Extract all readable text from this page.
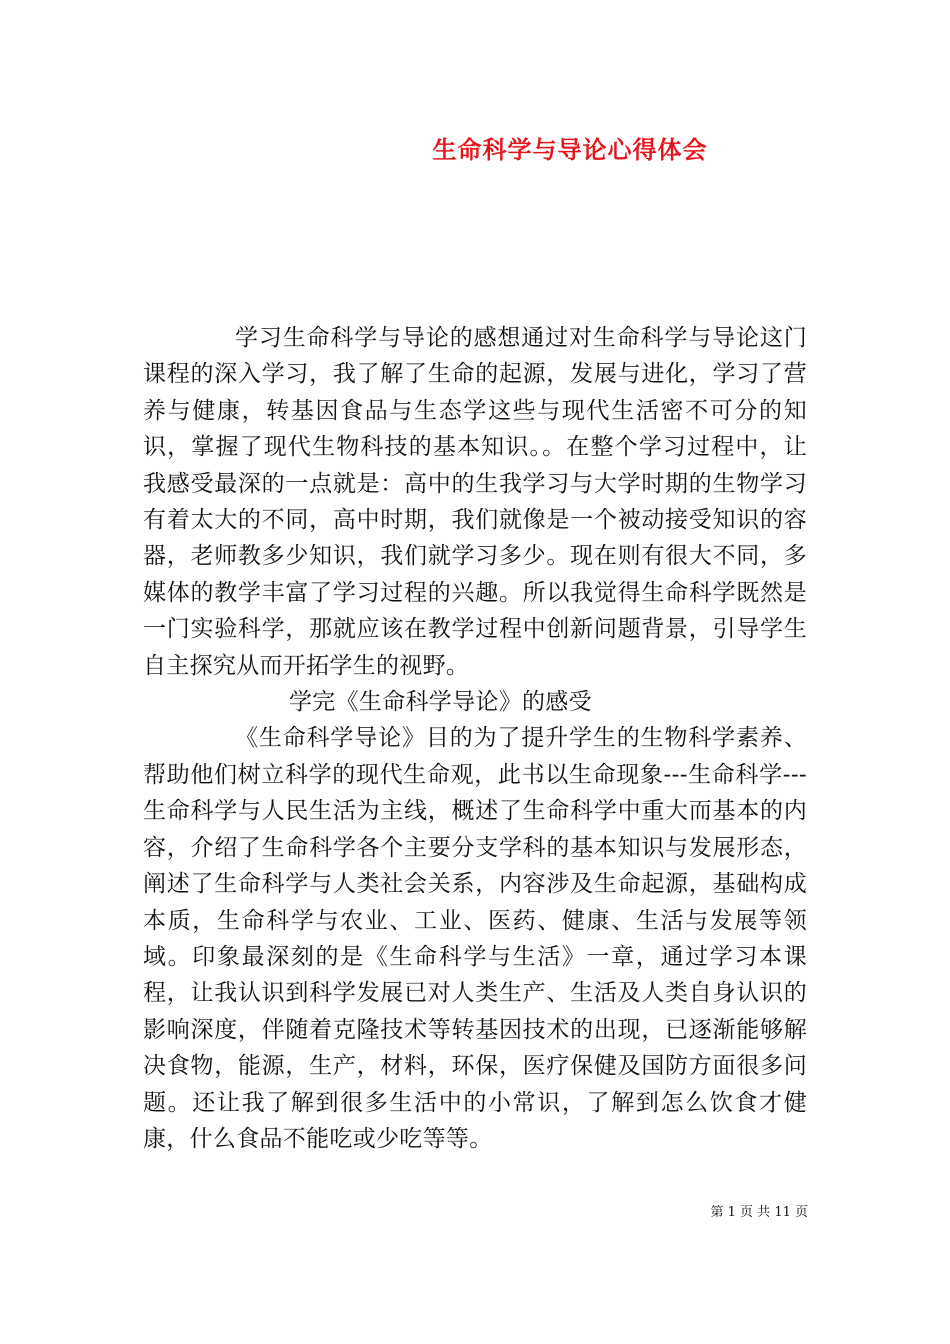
生命科学与导论心得体会

学习生命科学与导论的感想通过对生命科学与导论这门课程的深入学习，我了解了生命的起源，发展与进化，学习了营养与健康，转基因食品与生态学这些与现代生活密不可分的知识，掌握了现代生物科技的基本知识。。在整个学习过程中，让我感受最深的一点就是：高中的生我学习与大学时期的生物学习有着太大的不同，高中时期，我们就像是一个被动接受知识的容器，老师教多少知识，我们就学习多少。现在则有很大不同，多媒体的教学丰富了学习过程的兴趣。所以我觉得生命科学既然是一门实验科学，那就应该在教学过程中创新问题背景，引导学生自主探究从而开拓学生的视野。

学完《生命科学导论》的感受

《生命科学导论》目的为了提升学生的生物科学素养、帮助他们树立科学的现代生命观，此书以生命现象---生命科学---生命科学与人民生活为主线，概述了生命科学中重大而基本的内容，介绍了生命科学各个主要分支学科的基本知识与发展形态，阐述了生命科学与人类社会关系，内容涉及生命起源，基础构成本质，生命科学与农业、工业、医药、健康、生活与发展等领域。印象最深刻的是《生命科学与生活》一章，通过学习本课程，让我认识到科学发展已对人类生产、生活及人类自身认识的影响深度，伴随着克隆技术等转基因技术的出现，已逐渐能够解决食物，能源，生产，材料，环保，医疗保健及国防方面很多问题。还让我了解到很多生活中的小常识，了解到怎么饮食才健康，什么食品不能吃或少吃等等。

第 1 页 共 11 页
